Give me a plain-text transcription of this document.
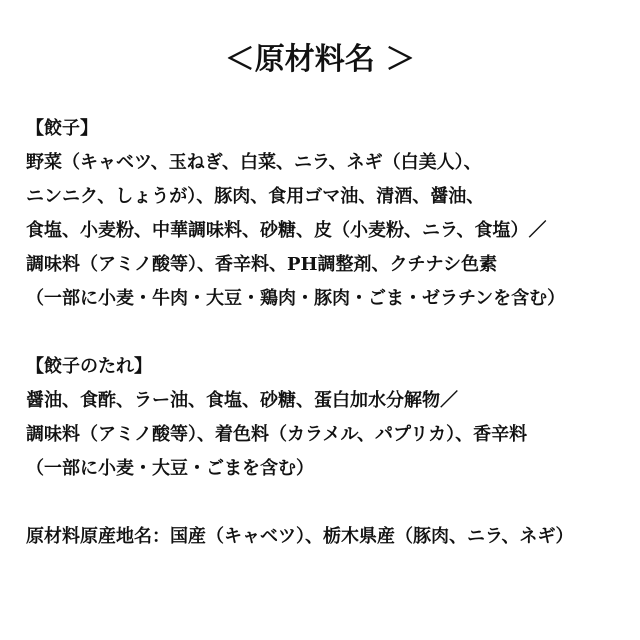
＜原材料名 ＞
【餃子】
野菜（キャベツ、玉ねぎ、白菜、ニラ、ネギ（白美人）、
ニンニク、しょうが）、豚肉、食用ゴマ油、清酒、醤油、
食塩、小麦粉、中華調味料、砂糖、皮（小麦粉、ニラ、食塩）／
調味料（アミノ酸等）、香辛料、PH調整剤、クチナシ色素
（一部に小麦・牛肉・大豆・鶏肉・豚肉・ごま・ゼラチンを含む）
【餃子のたれ】
醤油、食酢、ラー油、食塩、砂糖、蛋白加水分解物／
調味料（アミノ酸等）、着色料（カラメル、パプリカ）、香辛料
（一部に小麦・大豆・ごまを含む）
原材料原産地名：国産（キャベツ）、栃木県産（豚肉、ニラ、ネギ）
